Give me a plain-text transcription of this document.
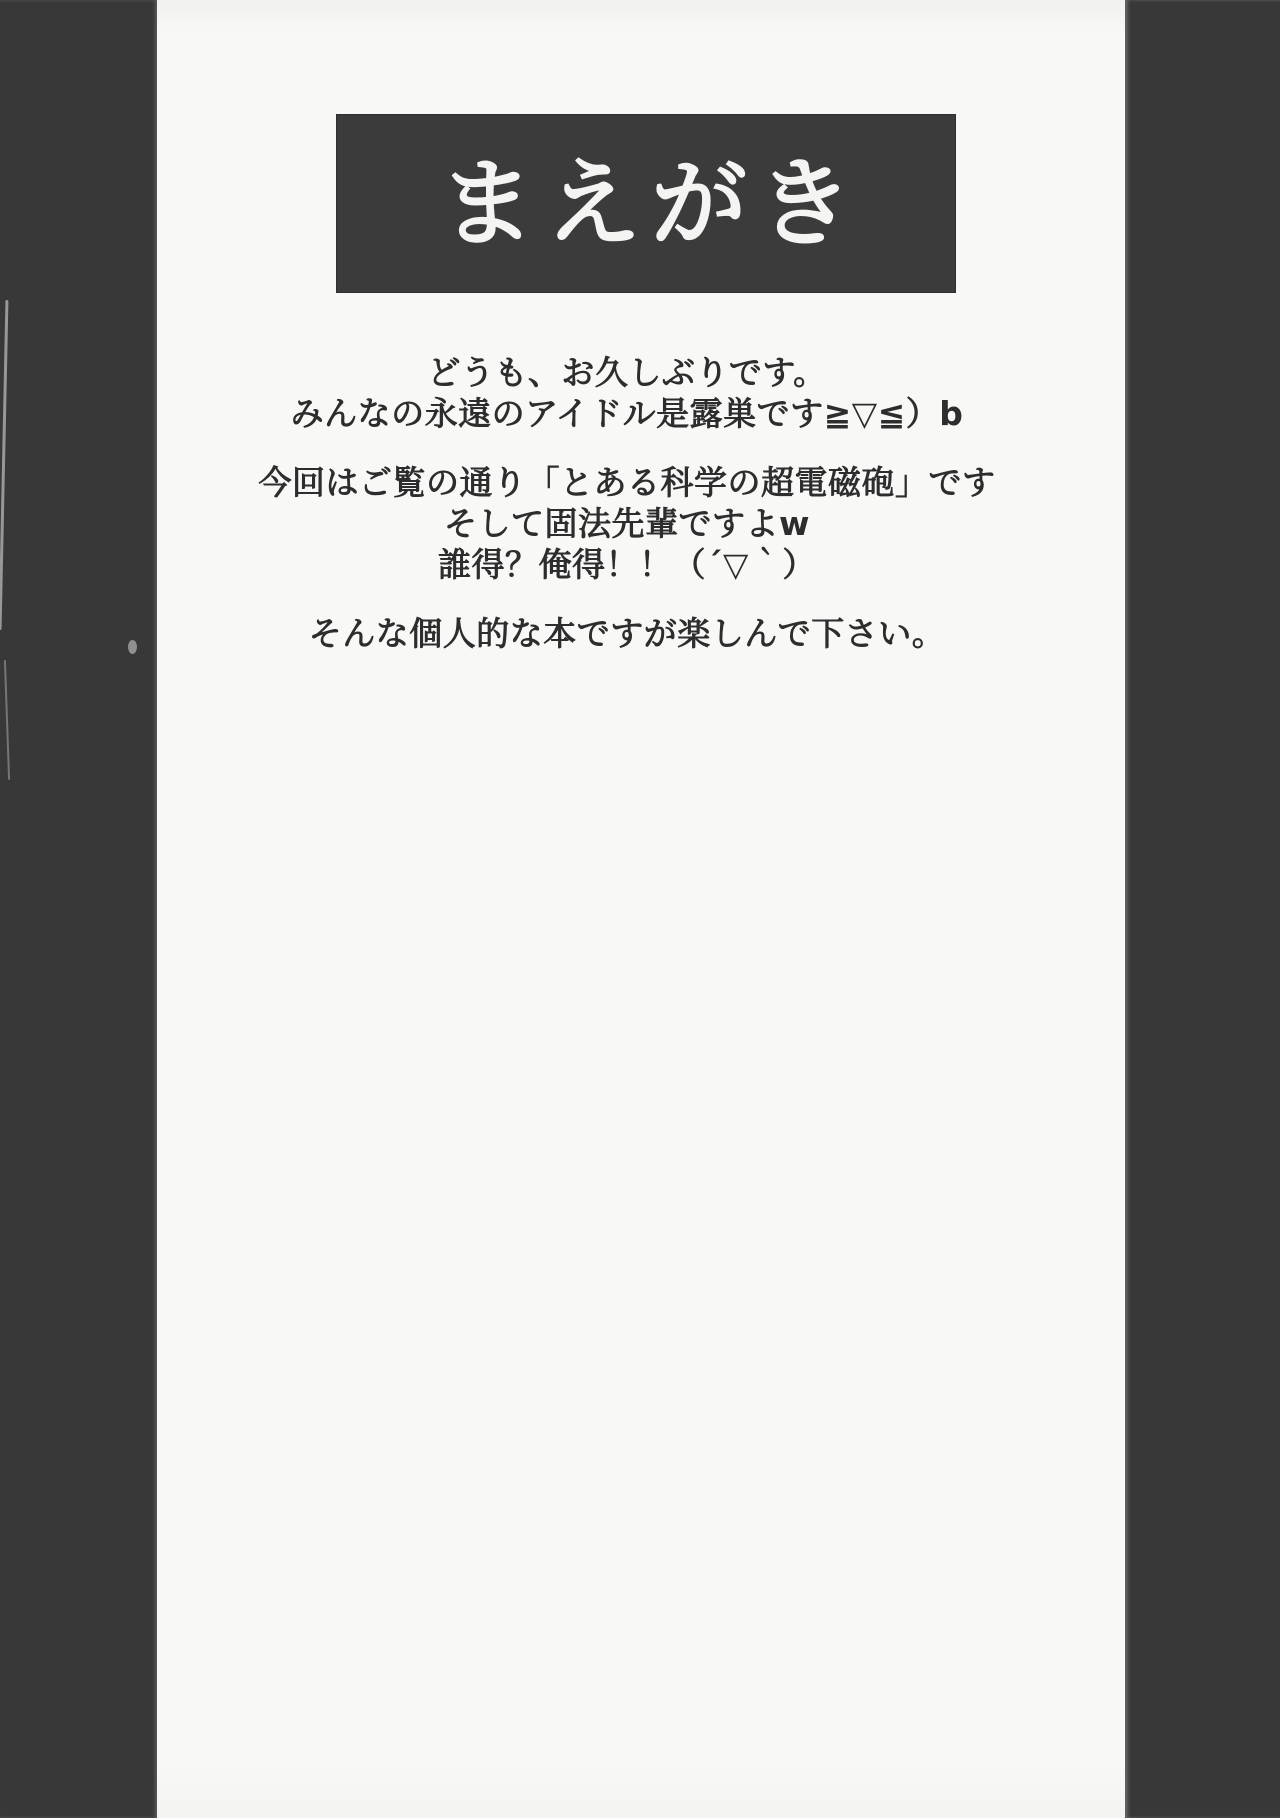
まえがき

どうも、お久しぶりです。
みんなの永遠のアイドル是露巣です≧▽≦）b

今回はご覧の通り「とある科学の超電磁砲」です
そして固法先輩ですよw
誰得？俺得！！（´▽｀）

そんな個人的な本ですが楽しんで下さい。
